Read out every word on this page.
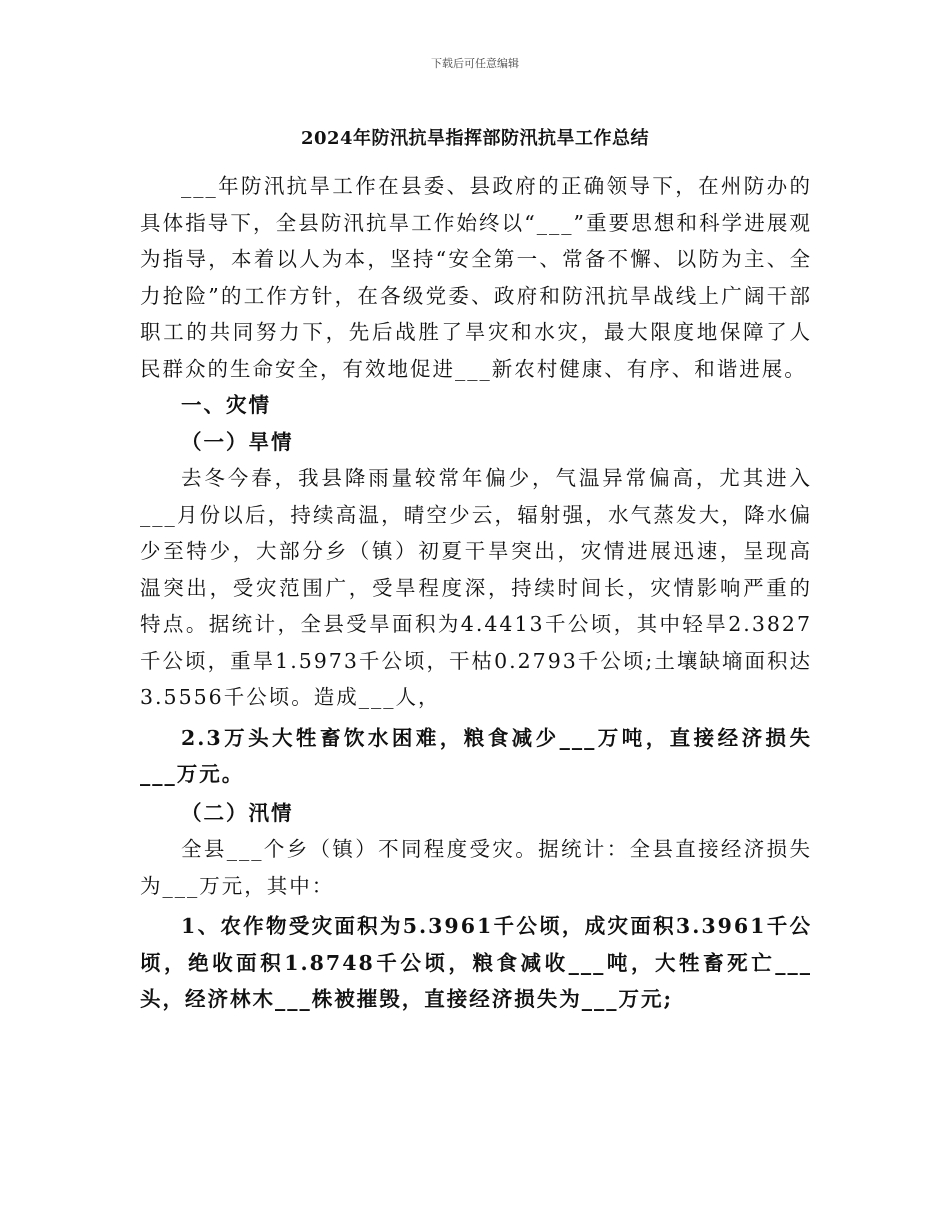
下载后可任意编辑
2024年防汛抗旱指挥部防汛抗旱工作总结

___年防汛抗旱工作在县委、县政府的正确领导下，在州防办的具体指导下，全县防汛抗旱工作始终以“___”重要思想和科学进展观为指导，本着以人为本，坚持“安全第一、常备不懈、以防为主、全力抢险”的工作方针，在各级党委、政府和防汛抗旱战线上广阔干部职工的共同努力下，先后战胜了旱灾和水灾，最大限度地保障了人民群众的生命安全，有效地促进___新农村健康、有序、和谐进展。

一、灾情

（一）旱情

去冬今春，我县降雨量较常年偏少，气温异常偏高，尤其进入___月份以后，持续高温，晴空少云，辐射强，水气蒸发大，降水偏少至特少，大部分乡（镇）初夏干旱突出，灾情进展迅速，呈现高温突出，受灾范围广，受旱程度深，持续时间长，灾情影响严重的特点。据统计，全县受旱面积为4.4413千公顷，其中轻旱2.3827千公顷，重旱1.5973千公顷，干枯0.2793千公顷;土壤缺墒面积达3.5556千公顷。造成___人，

2.3万头大牲畜饮水困难，粮食减少___万吨，直接经济损失___万元。

（二）汛情

全县___个乡（镇）不同程度受灾。据统计：全县直接经济损失为___万元，其中：

1、农作物受灾面积为5.3961千公顷，成灾面积3.3961千公顷，绝收面积1.8748千公顷，粮食减收___吨，大牲畜死亡___头，经济林木___株被摧毁，直接经济损失为___万元;
